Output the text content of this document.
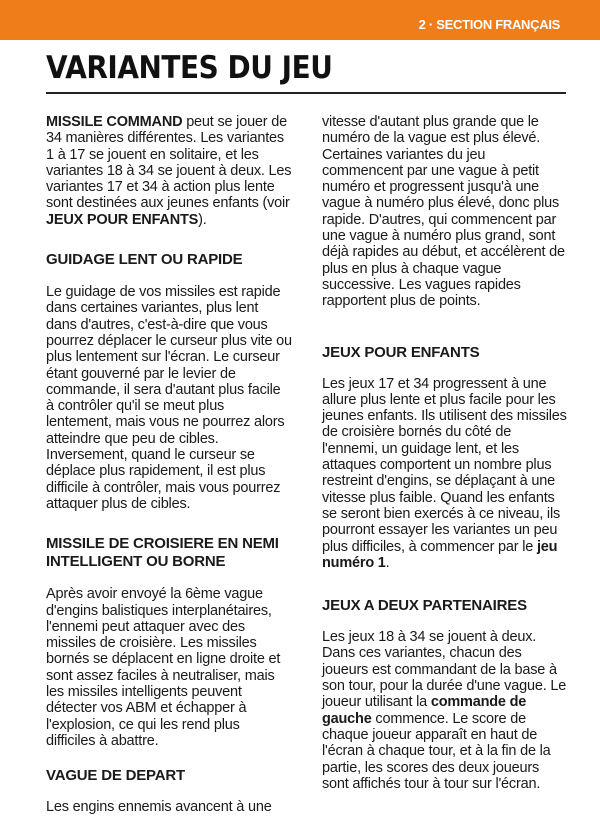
2 · SECTION FRANÇAIS
VARIANTES DU JEU

MISSILE COMMAND peut se jouer de 34 manières différentes. Les variantes 1 à 17 se jouent en solitaire, et les variantes 18 à 34 se jouent à deux. Les variantes 17 et 34 à action plus lente sont destinées aux jeunes enfants (voir JEUX POUR ENFANTS).

GUIDAGE LENT OU RAPIDE

Le guidage de vos missiles est rapide dans certaines variantes, plus lent dans d'autres, c'est-à-dire que vous pourrez déplacer le curseur plus vite ou plus lentement sur l'écran. Le curseur étant gouverné par le levier de commande, il sera d'autant plus facile à contrôler qu'il se meut plus lentement, mais vous ne pourrez alors atteindre que peu de cibles. Inversement, quand le curseur se déplace plus rapidement, il est plus difficile à contrôler, mais vous pourrez attaquer plus de cibles.

MISSILE DE CROISIERE EN NEMI INTELLIGENT OU BORNE

Après avoir envoyé la 6ème vague d'engins balistiques interplanétaires, l'ennemi peut attaquer avec des missiles de croisière. Les missiles bornés se déplacent en ligne droite et sont assez faciles à neutraliser, mais les missiles intelligents peuvent détecter vos ABM et échapper à l'explosion, ce qui les rend plus difficiles à abattre.

VAGUE DE DEPART

Les engins ennemis avancent à une

vitesse d'autant plus grande que le numéro de la vague est plus élevé. Certaines variantes du jeu commencent par une vague à petit numéro et progressent jusqu'à une vague à numéro plus élevé, donc plus rapide. D'autres, qui commencent par une vague à numéro plus grand, sont déjà rapides au début, et accélèrent de plus en plus à chaque vague successive. Les vagues rapides rapportent plus de points.

JEUX POUR ENFANTS

Les jeux 17 et 34 progressent à une allure plus lente et plus facile pour les jeunes enfants. Ils utilisent des missiles de croisière bornés du côté de l'ennemi, un guidage lent, et les attaques comportent un nombre plus restreint d'engins, se déplaçant à une vitesse plus faible. Quand les enfants se seront bien exercés à ce niveau, ils pourront essayer les variantes un peu plus difficiles, à commencer par le jeu numéro 1.

JEUX A DEUX PARTENAIRES

Les jeux 18 à 34 se jouent à deux. Dans ces variantes, chacun des joueurs est commandant de la base à son tour, pour la durée d'une vague. Le joueur utilisant la commande de gauche commence. Le score de chaque joueur apparaît en haut de l'écran à chaque tour, et à la fin de la partie, les scores des deux joueurs sont affichés tour à tour sur l'écran.
